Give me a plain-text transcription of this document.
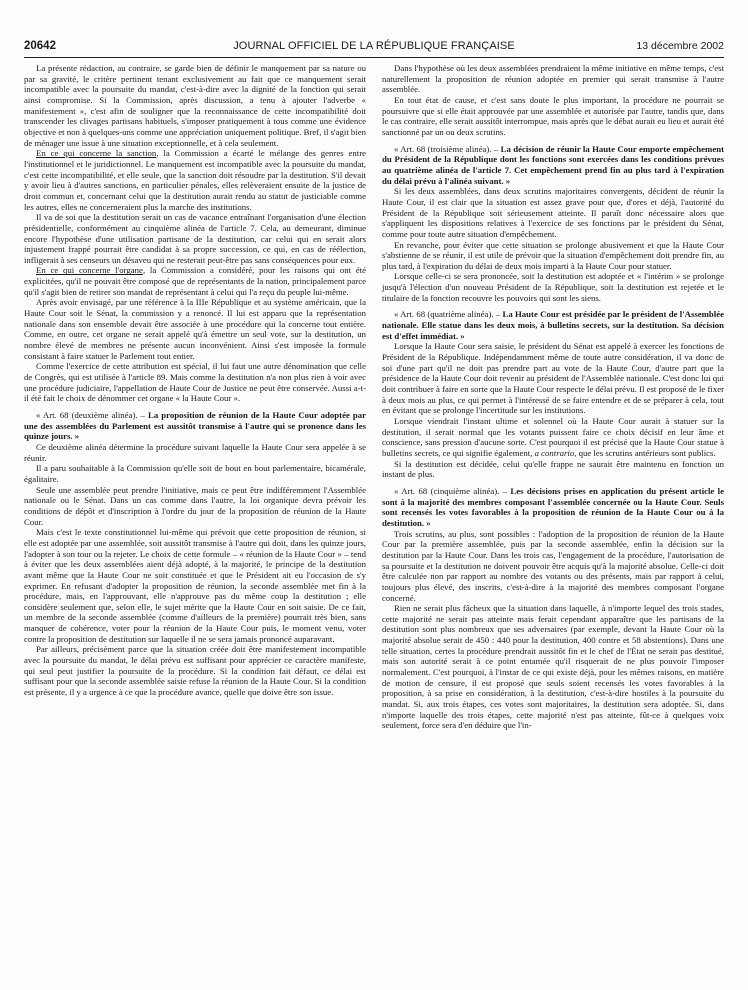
20642	JOURNAL OFFICIEL DE LA RÉPUBLIQUE FRANÇAISE	13 décembre 2002

La présente rédaction, au contraire, se garde bien de définir le manquement par sa nature ou par sa gravité, le critère pertinent tenant exclusivement au fait que ce manquement serait incompatible avec la poursuite du mandat, c'est-à-dire avec la dignité de la fonction qui serait ainsi compromise. Si la Commission, après discussion, a tenu à ajouter l'adverbe « manifestement », c'est afin de souligner que la reconnaissance de cette incompatibilité doit transcender les clivages partisans habituels, s'imposer pratiquement à tous comme une évidence objective et non à quelques-uns comme une appréciation uniquement politique. Bref, il s'agit bien de ménager une issue à une situation exceptionnelle, et à cela seulement.

En ce qui concerne la sanction, la Commission a écarté le mélange des genres entre l'institutionnel et le juridictionnel. Le manquement est incompatible avec la poursuite du mandat, c'est cette incompatibilité, et elle seule, que la sanction doit résoudre par la destitution. S'il devait y avoir lieu à d'autres sanctions, en particulier pénales, elles relèveraient ensuite de la justice de droit commun et, concernant celui que la destitution aurait rendu au statut de justiciable comme les autres, elles ne concerneraient plus la marche des institutions.

Il va de soi que la destitution serait un cas de vacance entraînant l'organisation d'une élection présidentielle, conformément au cinquième alinéa de l'article 7. Cela, au demeurant, diminue encore l'hypothèse d'une utilisation partisane de la destitution, car celui qui en serait alors injustement frappé pourrait être candidat à sa propre succession, ce qui, en cas de réélection, infligerait à ses censeurs un désaveu qui ne resterait peut-être pas sans conséquences pour eux.

En ce qui concerne l'organe, la Commission a considéré, pour les raisons qui ont été explicitées, qu'il ne pouvait être composé que de représentants de la nation, principalement parce qu'il s'agit bien de retirer son mandat de représentant à celui qui l'a reçu du peuple lui-même.

Après avoir envisagé, par une référence à la IIIe République et au système américain, que la Haute Cour soit le Sénat, la commission y a renoncé. Il lui est apparu que la représentation nationale dans son ensemble devait être associée à une procédure qui la concerne tout entière. Comme, en outre, cet organe ne serait appelé qu'à émettre un seul vote, sur la destitution, un nombre élevé de membres ne présente aucun inconvénient. Ainsi s'est imposée la formule consistant à faire statuer le Parlement tout entier.

Comme l'exercice de cette attribution est spécial, il lui faut une autre dénomination que celle de Congrès, qui est utilisée à l'article 89. Mais comme la destitution n'a non plus rien à voir avec une procédure judiciaire, l'appellation de Haute Cour de Justice ne peut être conservée. Aussi a-t-il été fait le choix de dénommer cet organe « la Haute Cour ».

« Art. 68 (deuxième alinéa). – La proposition de réunion de la Haute Cour adoptée par une des assemblées du Parlement est aussitôt transmise à l'autre qui se prononce dans les quinze jours. »

Ce deuxième alinéa détermine la procédure suivant laquelle la Haute Cour sera appelée à se réunir.

Il a paru souhaitable à la Commission qu'elle soit de bout en bout parlementaire, bicamérale, égalitaire.

Seule une assemblée peut prendre l'initiative, mais ce peut être indifféremment l'Assemblée nationale ou le Sénat. Dans un cas comme dans l'autre, la loi organique devra prévoir les conditions de dépôt et d'inscription à l'ordre du jour de la proposition de réunion de la Haute Cour.

Mais c'est le texte constitutionnel lui-même qui prévoit que cette proposition de réunion, si elle est adoptée par une assemblée, soit aussitôt transmise à l'autre qui doit, dans les quinze jours, l'adopter à son tour ou la rejeter. Le choix de cette formule – « réunion de la Haute Cour » – tend à éviter que les deux assemblées aient déjà adopté, à la majorité, le principe de la destitution avant même que la Haute Cour ne soit constituée et que le Président ait eu l'occasion de s'y exprimer. En refusant d'adopter la proposition de réunion, la seconde assemblée met fin à la procédure, mais, en l'approuvant, elle n'approuve pas du même coup la destitution ; elle considère seulement que, selon elle, le sujet mérite que la Haute Cour en soit saisie. De ce fait, un membre de la seconde assemblée (comme d'ailleurs de la première) pourrait très bien, sans manquer de cohérence, voter pour la réunion de la Haute Cour puis, le moment venu, voter contre la proposition de destitution sur laquelle il ne se sera jamais prononcé auparavant.

Par ailleurs, précisément parce que la situation créée doit être manifestement incompatible avec la poursuite du mandat, le délai prévu est suffisant pour apprécier ce caractère manifeste, qui seul peut justifier la poursuite de la procédure. Si la condition fait défaut, ce délai est suffisant pour que la seconde assemblée saisie refuse la réunion de la Haute Cour. Si la condition est présente, il y a urgence à ce que la procédure avance, quelle que doive être son issue.

Dans l'hypothèse où les deux assemblées prendraient la même initiative en même temps, c'est naturellement la proposition de réunion adoptée en premier qui serait transmise à l'autre assemblée.

En tout état de cause, et c'est sans doute le plus important, la procédure ne pourrait se poursuivre que si elle était approuvée par une assemblée et autorisée par l'autre, tandis que, dans le cas contraire, elle serait aussitôt interrompue, mais après que le débat aurait eu lieu et aurait été sanctionné par un ou deux scrutins.

« Art. 68 (troisième alinéa). – La décision de réunir la Haute Cour emporte empêchement du Président de la République dont les fonctions sont exercées dans les conditions prévues au quatrième alinéa de l'article 7. Cet empêchement prend fin au plus tard à l'expiration du délai prévu à l'alinéa suivant. »

Si les deux assemblées, dans deux scrutins majoritaires convergents, décident de réunir la Haute Cour, il est clair que la situation est assez grave pour que, d'ores et déjà, l'autorité du Président de la République soit sérieusement atteinte. Il paraît donc nécessaire alors que s'appliquent les dispositions relatives à l'exercice de ses fonctions par le président du Sénat, comme pour toute autre situation d'empêchement.

En revanche, pour éviter que cette situation se prolonge abusivement et que la Haute Cour s'abstienne de se réunir, il est utile de prévoir que la situation d'empêchement doit prendre fin, au plus tard, à l'expiration du délai de deux mois imparti à la Haute Cour pour statuer.

Lorsque celle-ci se sera prononcée, soit la destitution est adoptée et « l'intérim » se prolonge jusqu'à l'élection d'un nouveau Président de la République, soit la destitution est rejetée et le titulaire de la fonction recouvre les pouvoirs qui sont les siens.

« Art. 68 (quatrième alinéa). – La Haute Cour est présidée par le président de l'Assemblée nationale. Elle statue dans les deux mois, à bulletins secrets, sur la destitution. Sa décision est d'effet immédiat. »

Lorsque la Haute Cour sera saisie, le président du Sénat est appelé à exercer les fonctions de Président de la République. Indépendamment même de toute autre considération, il va donc de soi d'une part qu'il ne doit pas prendre part au vote de la Haute Cour, d'autre part que la présidence de la Haute Cour doit revenir au président de l'Assemblée nationale. C'est donc lui qui doit contribuer à faire en sorte que la Haute Cour respecte le délai prévu. Il est proposé de le fixer à deux mois au plus, ce qui permet à l'intéressé de se faire entendre et de se préparer à cela, tout en évitant que se prolonge l'incertitude sur les institutions.

Lorsque viendrait l'instant ultime et solennel où la Haute Cour aurait à statuer sur la destitution, il serait normal que les votants puissent faire ce choix décisif en leur âme et conscience, sans pression d'aucune sorte. C'est pourquoi il est précisé que la Haute Cour statue à bulletins secrets, ce qui signifie également, a contrario, que les scrutins antérieurs sont publics.

Si la destitution est décidée, celui qu'elle frappe ne saurait être maintenu en fonction un instant de plus.

« Art. 68 (cinquième alinéa). – Les décisions prises en application du présent article le sont à la majorité des membres composant l'assemblée concernée ou la Haute Cour. Seuls sont recensés les votes favorables à la proposition de réunion de la Haute Cour ou à la destitution. »

Trois scrutins, au plus, sont possibles : l'adoption de la proposition de réunion de la Haute Cour par la première assemblée, puis par la seconde assemblée, enfin la décision sur la destitution par la Haute Cour. Dans les trois cas, l'engagement de la procédure, l'autorisation de sa poursuite et la destitution ne doivent pouvoir être acquis qu'à la majorité absolue. Celle-ci doit être calculée non par rapport au nombre des votants ou des présents, mais par rapport à celui, toujours plus élevé, des inscrits, c'est-à-dire à la majorité des membres composant l'organe concerné.

Rien ne serait plus fâcheux que la situation dans laquelle, à n'importe lequel des trois stades, cette majorité ne serait pas atteinte mais ferait cependant apparaître que les partisans de la destitution sont plus nombreux que ses adversaires (par exemple, devant la Haute Cour où la majorité absolue serait de 450 : 440 pour la destitution, 400 contre et 58 abstentions). Dans une telle situation, certes la procédure prendrait aussitôt fin et le chef de l'État ne serait pas destitué, mais son autorité serait à ce point entamée qu'il risquerait de ne plus pouvoir l'imposer normalement. C'est pourquoi, à l'instar de ce qui existe déjà, pour les mêmes raisons, en matière de motion de censure, il est proposé que seuls soient recensés les votes favorables à la proposition, à sa prise en considération, à la destitution, c'est-à-dire hostiles à la poursuite du mandat. Si, aux trois étapes, ces votes sont majoritaires, la destitution sera adoptée. Si, dans n'importe laquelle des trois étapes, cette majorité n'est pas atteinte, fût-ce à quelques voix seulement, force sera d'en déduire que l'in-
